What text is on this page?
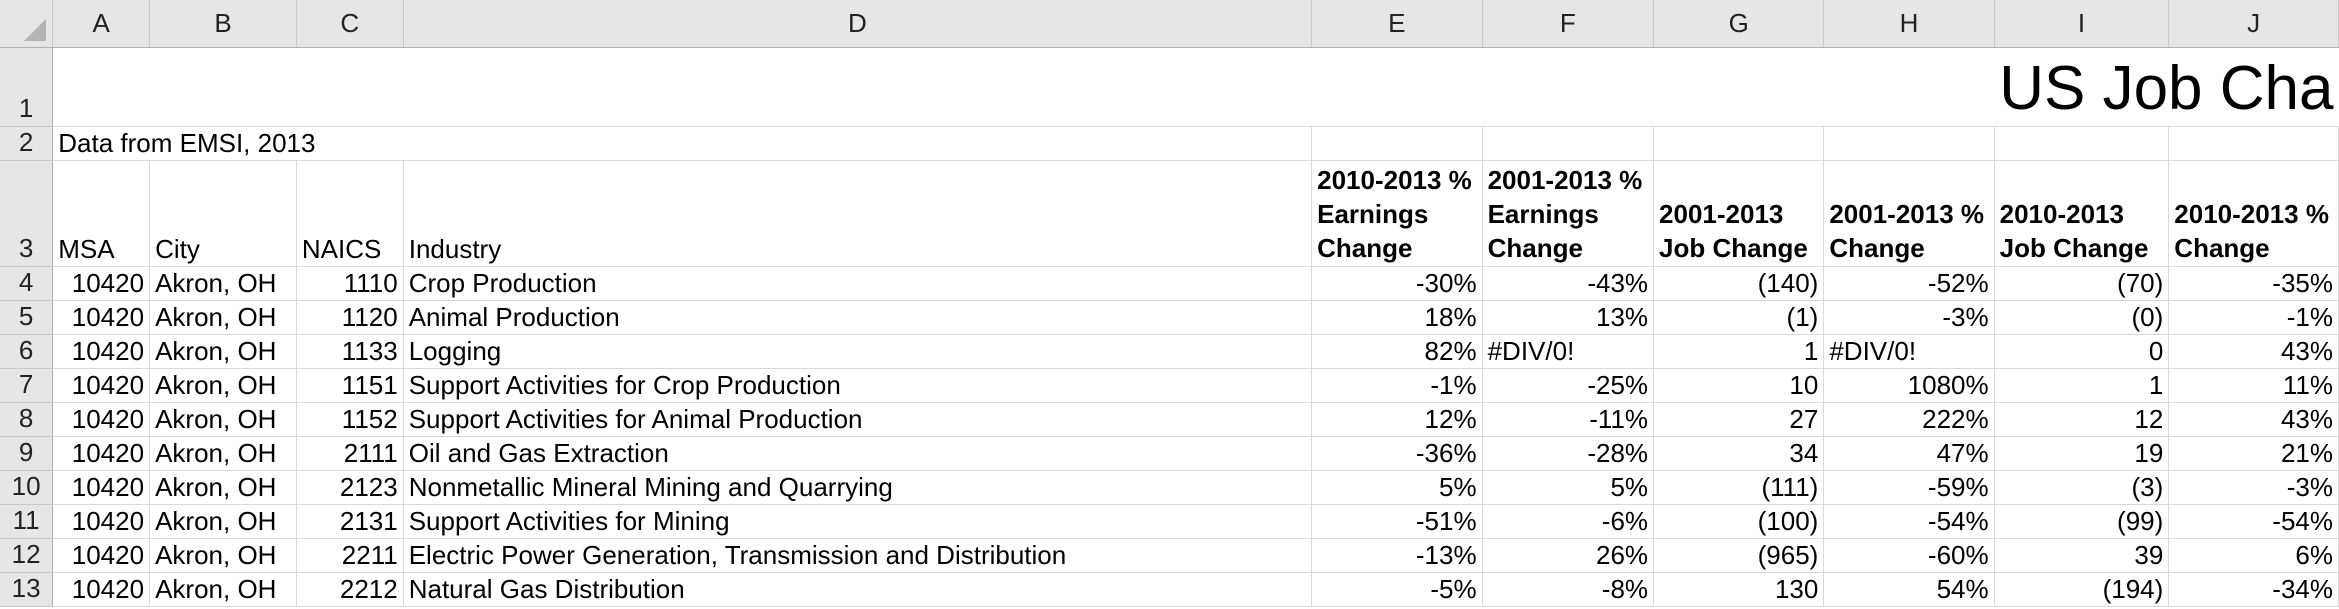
	A	B	C	D	E	F	G	H	I	J
1									US Job Cha	
2	Data from EMSI, 2013									
3	MSA	City	NAICS	Industry	2010-2013 % Earnings Change	2001-2013 % Earnings Change	2001-2013 Job Change	2001-2013 % Change	2010-2013 Job Change	2010-2013 % Change
4	10420	Akron, OH	1110	Crop Production	-30%	-43%	(140)	-52%	(70)	-35%
5	10420	Akron, OH	1120	Animal Production	18%	13%	(1)	-3%	(0)	-1%
6	10420	Akron, OH	1133	Logging	82%	#DIV/0!	1	#DIV/0!	0	43%
7	10420	Akron, OH	1151	Support Activities for Crop Production	-1%	-25%	10	1080%	1	11%
8	10420	Akron, OH	1152	Support Activities for Animal Production	12%	-11%	27	222%	12	43%
9	10420	Akron, OH	2111	Oil and Gas Extraction	-36%	-28%	34	47%	19	21%
10	10420	Akron, OH	2123	Nonmetallic Mineral Mining and Quarrying	5%	5%	(111)	-59%	(3)	-3%
11	10420	Akron, OH	2131	Support Activities for Mining	-51%	-6%	(100)	-54%	(99)	-54%
12	10420	Akron, OH	2211	Electric Power Generation, Transmission and Distribution	-13%	26%	(965)	-60%	39	6%
13	10420	Akron, OH	2212	Natural Gas Distribution	-5%	-8%	130	54%	(194)	-34%
